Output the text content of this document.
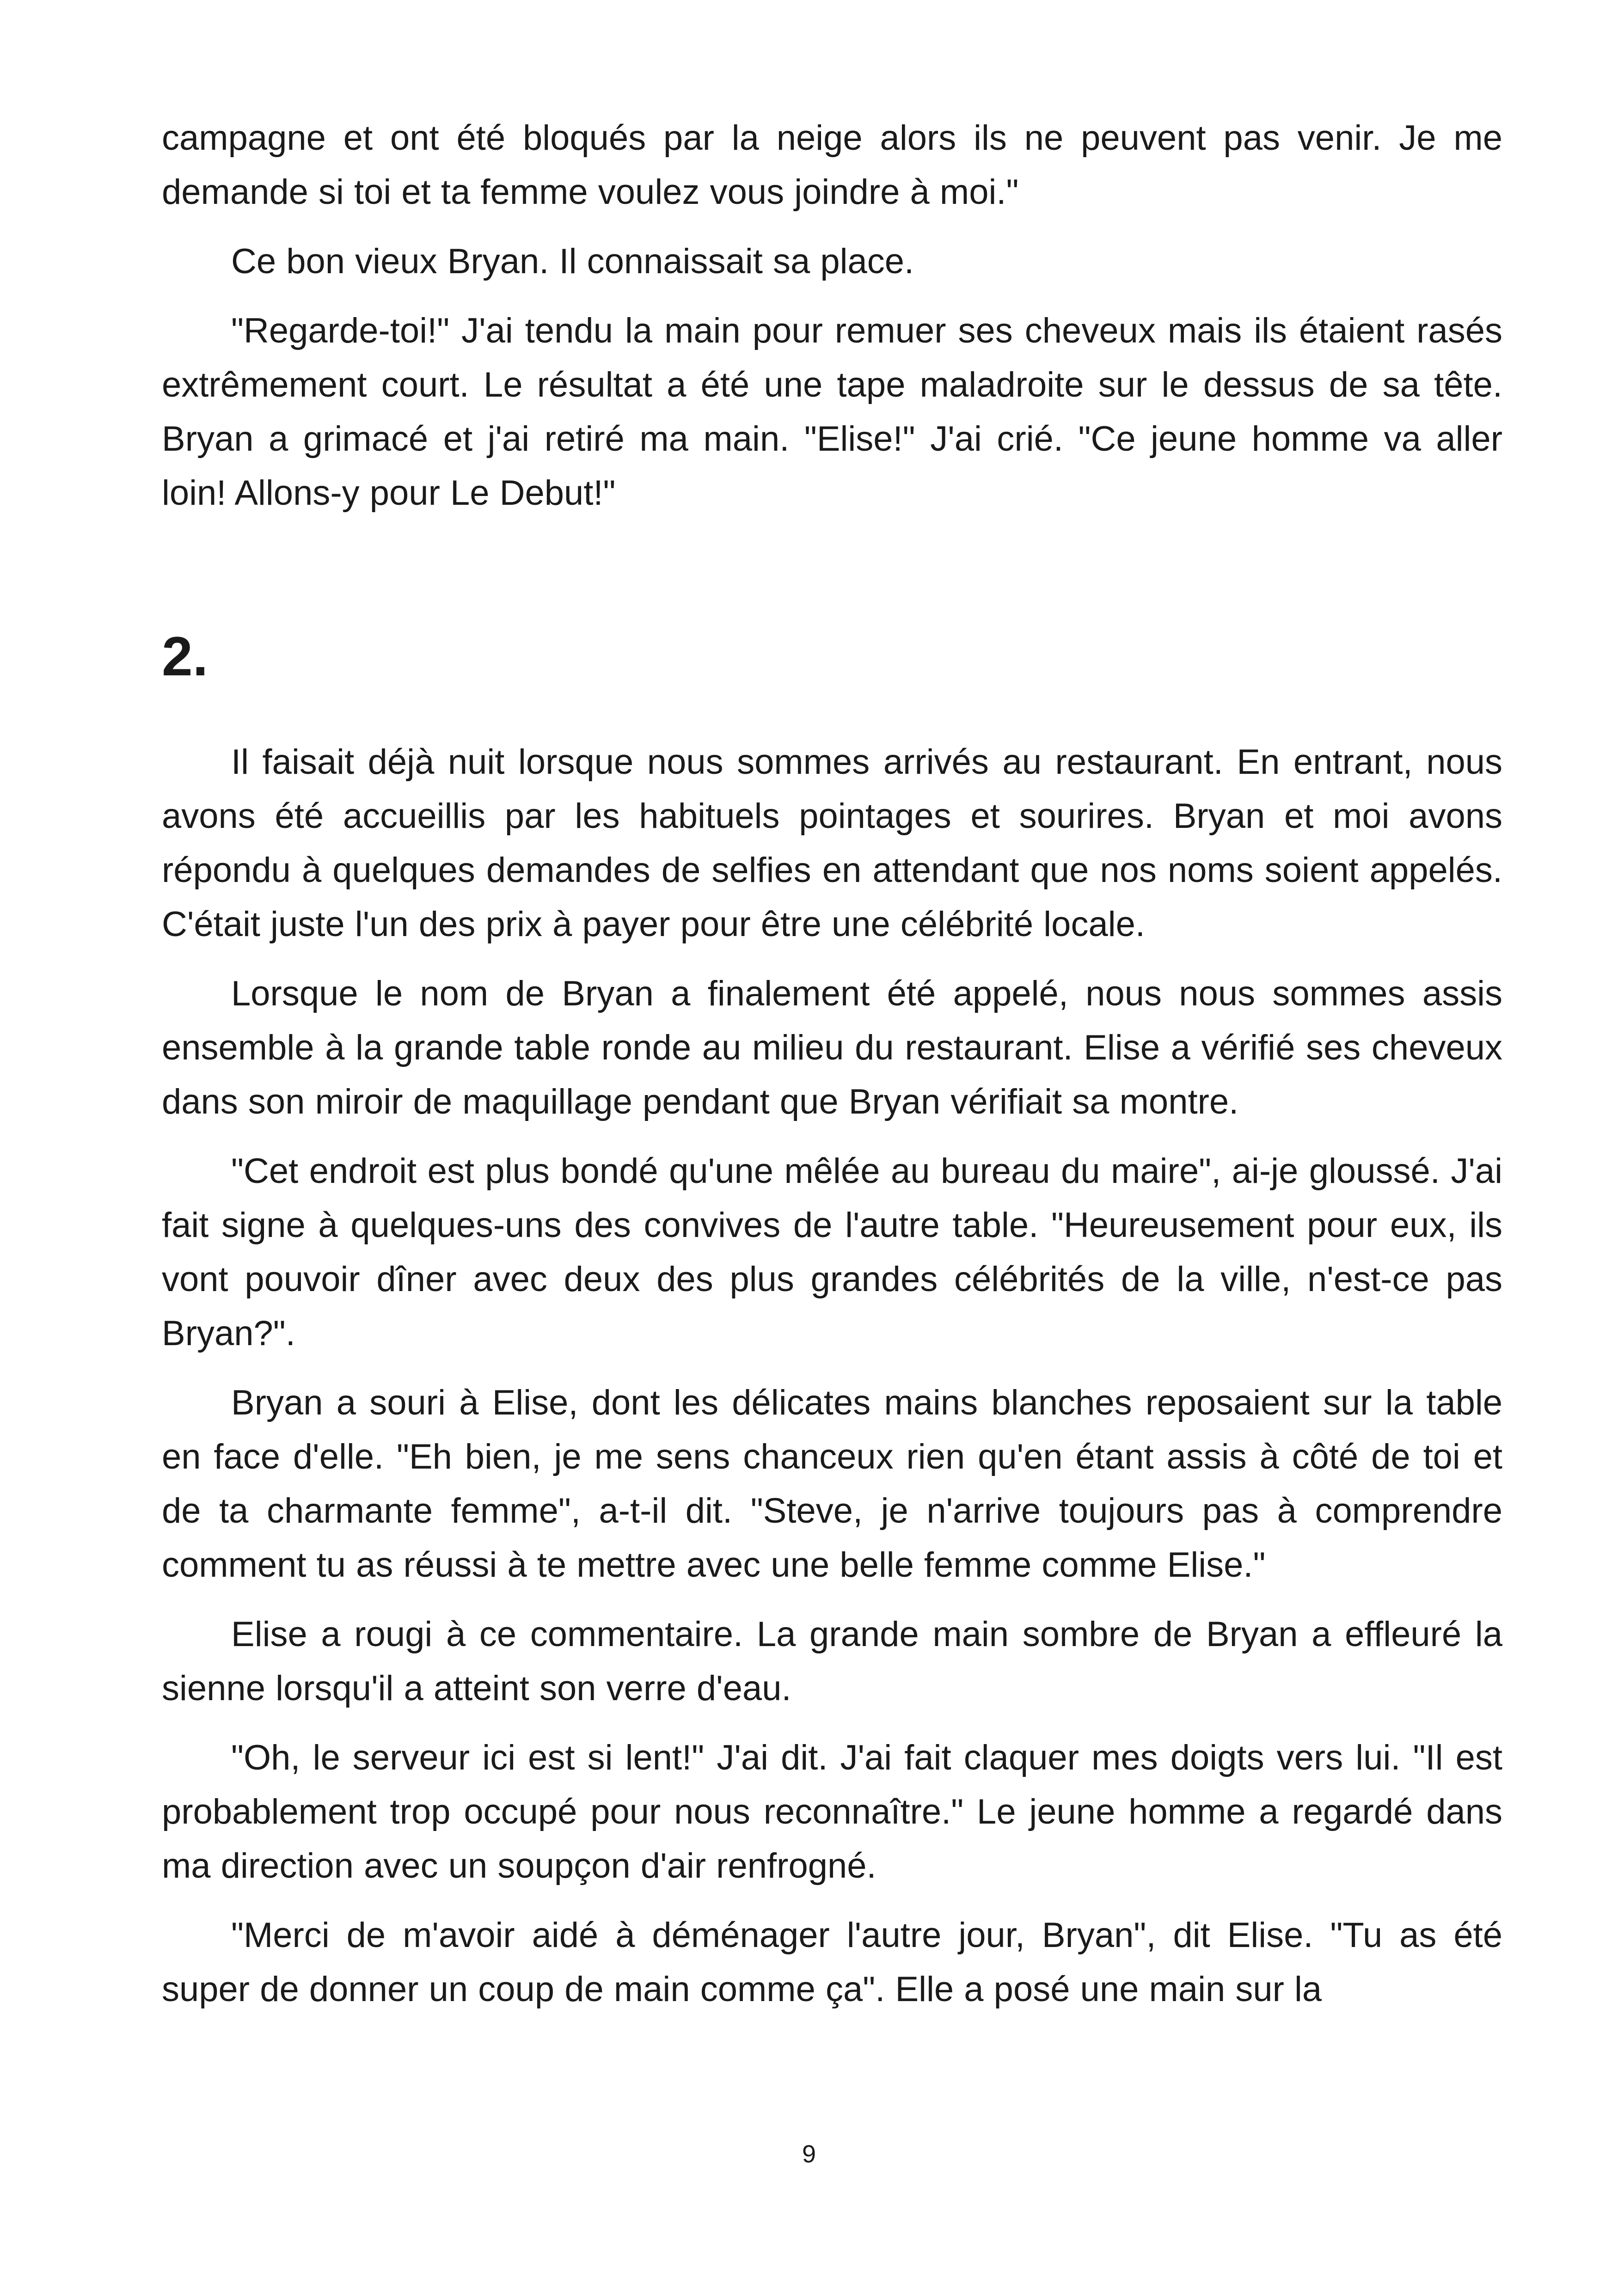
campagne et ont été bloqués par la neige alors ils ne peuvent pas venir. Je me demande si toi et ta femme voulez vous joindre à moi."

Ce bon vieux Bryan. Il connaissait sa place.

"Regarde-toi!" J'ai tendu la main pour remuer ses cheveux mais ils étaient rasés extrêmement court. Le résultat a été une tape maladroite sur le dessus de sa tête. Bryan a grimacé et j'ai retiré ma main. "Elise!" J'ai crié. "Ce jeune homme va aller loin! Allons-y pour Le Debut!"

2.

Il faisait déjà nuit lorsque nous sommes arrivés au restaurant. En entrant, nous avons été accueillis par les habituels pointages et sourires. Bryan et moi avons répondu à quelques demandes de selfies en attendant que nos noms soient appelés. C'était juste l'un des prix à payer pour être une célébrité locale.

Lorsque le nom de Bryan a finalement été appelé, nous nous sommes assis ensemble à la grande table ronde au milieu du restaurant. Elise a vérifié ses cheveux dans son miroir de maquillage pendant que Bryan vérifiait sa montre.

"Cet endroit est plus bondé qu'une mêlée au bureau du maire", ai-je gloussé. J'ai fait signe à quelques-uns des convives de l'autre table. "Heureusement pour eux, ils vont pouvoir dîner avec deux des plus grandes célébrités de la ville, n'est-ce pas Bryan?".

Bryan a souri à Elise, dont les délicates mains blanches reposaient sur la table en face d'elle. "Eh bien, je me sens chanceux rien qu'en étant assis à côté de toi et de ta charmante femme", a-t-il dit. "Steve, je n'arrive toujours pas à comprendre comment tu as réussi à te mettre avec une belle femme comme Elise."

Elise a rougi à ce commentaire. La grande main sombre de Bryan a effleuré la sienne lorsqu'il a atteint son verre d'eau.

"Oh, le serveur ici est si lent!" J'ai dit. J'ai fait claquer mes doigts vers lui. "Il est probablement trop occupé pour nous reconnaître." Le jeune homme a regardé dans ma direction avec un soupçon d'air renfrogné.

"Merci de m'avoir aidé à déménager l'autre jour, Bryan", dit Elise. "Tu as été super de donner un coup de main comme ça". Elle a posé une main sur la

9
